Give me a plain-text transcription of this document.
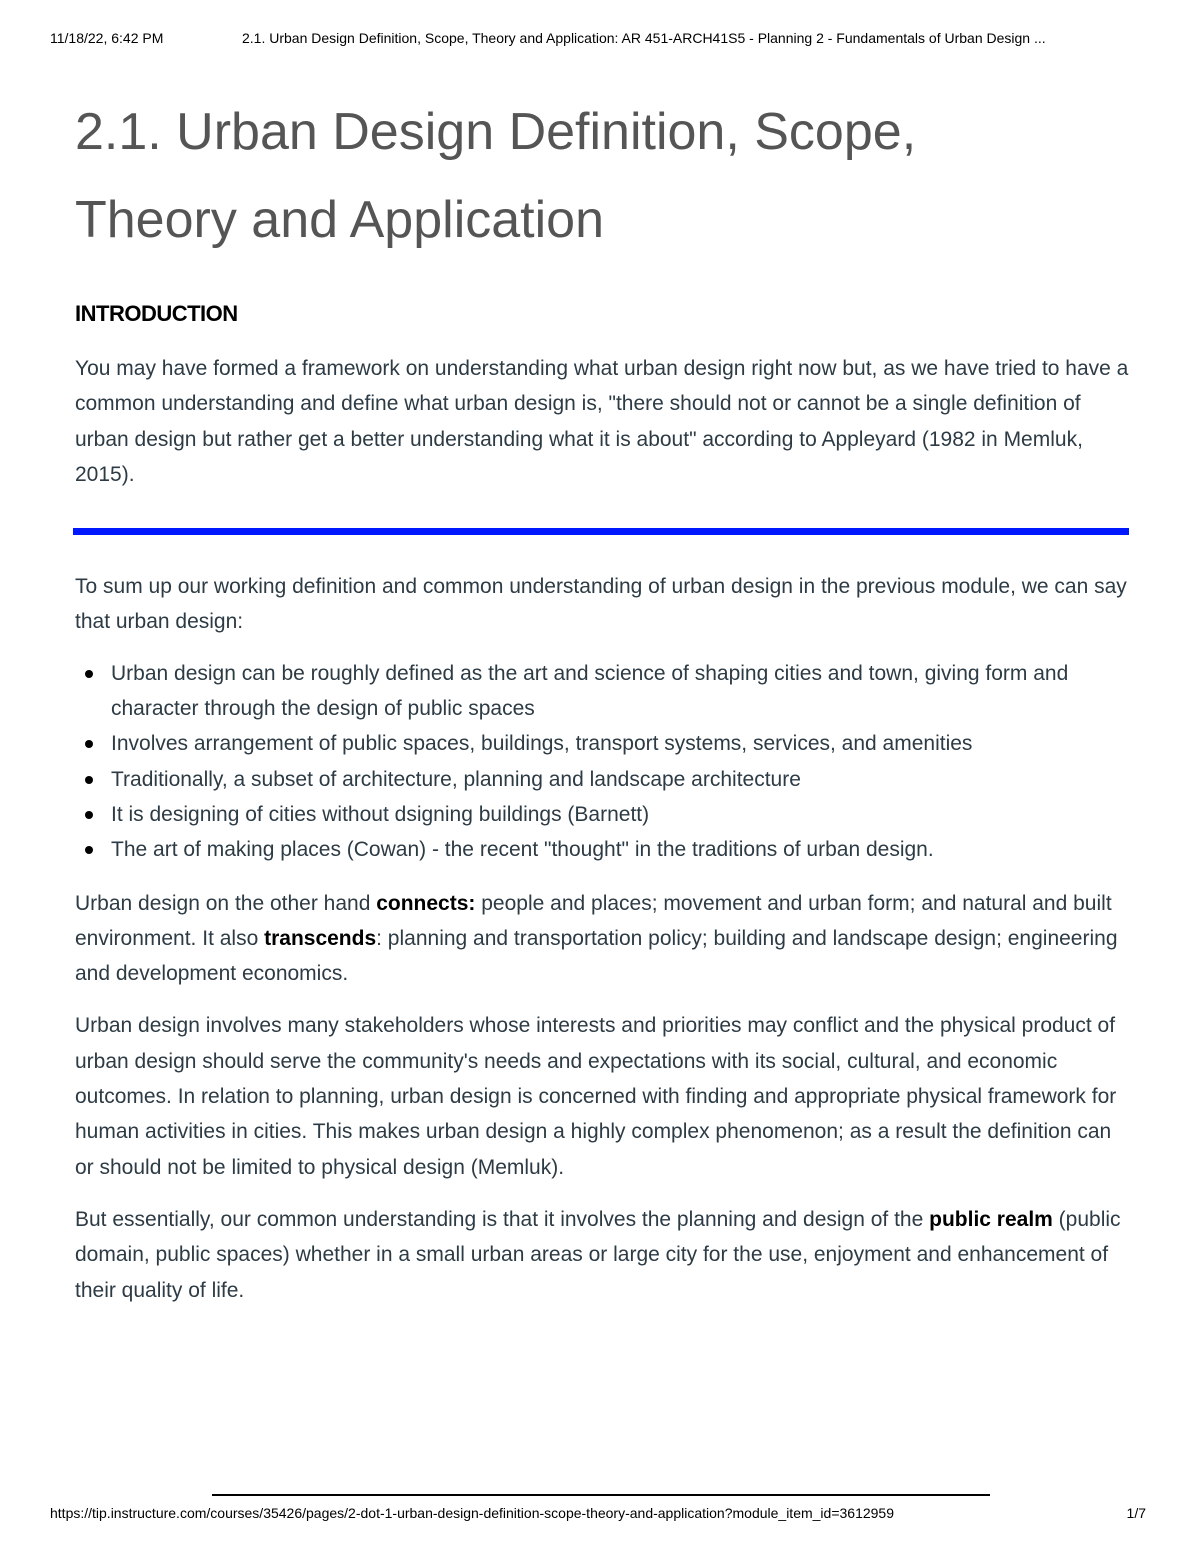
11/18/22, 6:42 PM	2.1. Urban Design Definition, Scope, Theory and Application: AR 451-ARCH41S5 - Planning 2 - Fundamentals of Urban Design ...
2.1. Urban Design Definition, Scope,
Theory and Application
INTRODUCTION

You may have formed a framework on understanding what urban design right now but, as we have tried to have a common understanding and define what urban design is, "there should not or cannot be a single definition of urban design but rather get a better understanding what it is about" according to Appleyard (1982 in Memluk, 2015).

To sum up our working definition and common understanding of urban design in the previous module, we can say that urban design:

Urban design can be roughly defined as the art and science of shaping cities and town, giving form and character through the design of public spaces
Involves arrangement of public spaces, buildings, transport systems, services, and amenities
Traditionally, a subset of architecture, planning and landscape architecture
It is designing of cities without dsigning buildings (Barnett)
The art of making places (Cowan) - the recent "thought" in the traditions of urban design.

Urban design on the other hand connects: people and places; movement and urban form; and natural and built environment. It also transcends: planning and transportation policy; building and landscape design; engineering and development economics.

Urban design involves many stakeholders whose interests and priorities may conflict and the physical product of urban design should serve the community's needs and expectations with its social, cultural, and economic outcomes. In relation to planning, urban design is concerned with finding and appropriate physical framework for human activities in cities. This makes urban design a highly complex phenomenon; as a result the definition can or should not be limited to physical design (Memluk).

But essentially, our common understanding is that it involves the planning and design of the public realm (public domain, public spaces) whether in a small urban areas or large city for the use, enjoyment and enhancement of their quality of life.

https://tip.instructure.com/courses/35426/pages/2-dot-1-urban-design-definition-scope-theory-and-application?module_item_id=3612959	1/7
